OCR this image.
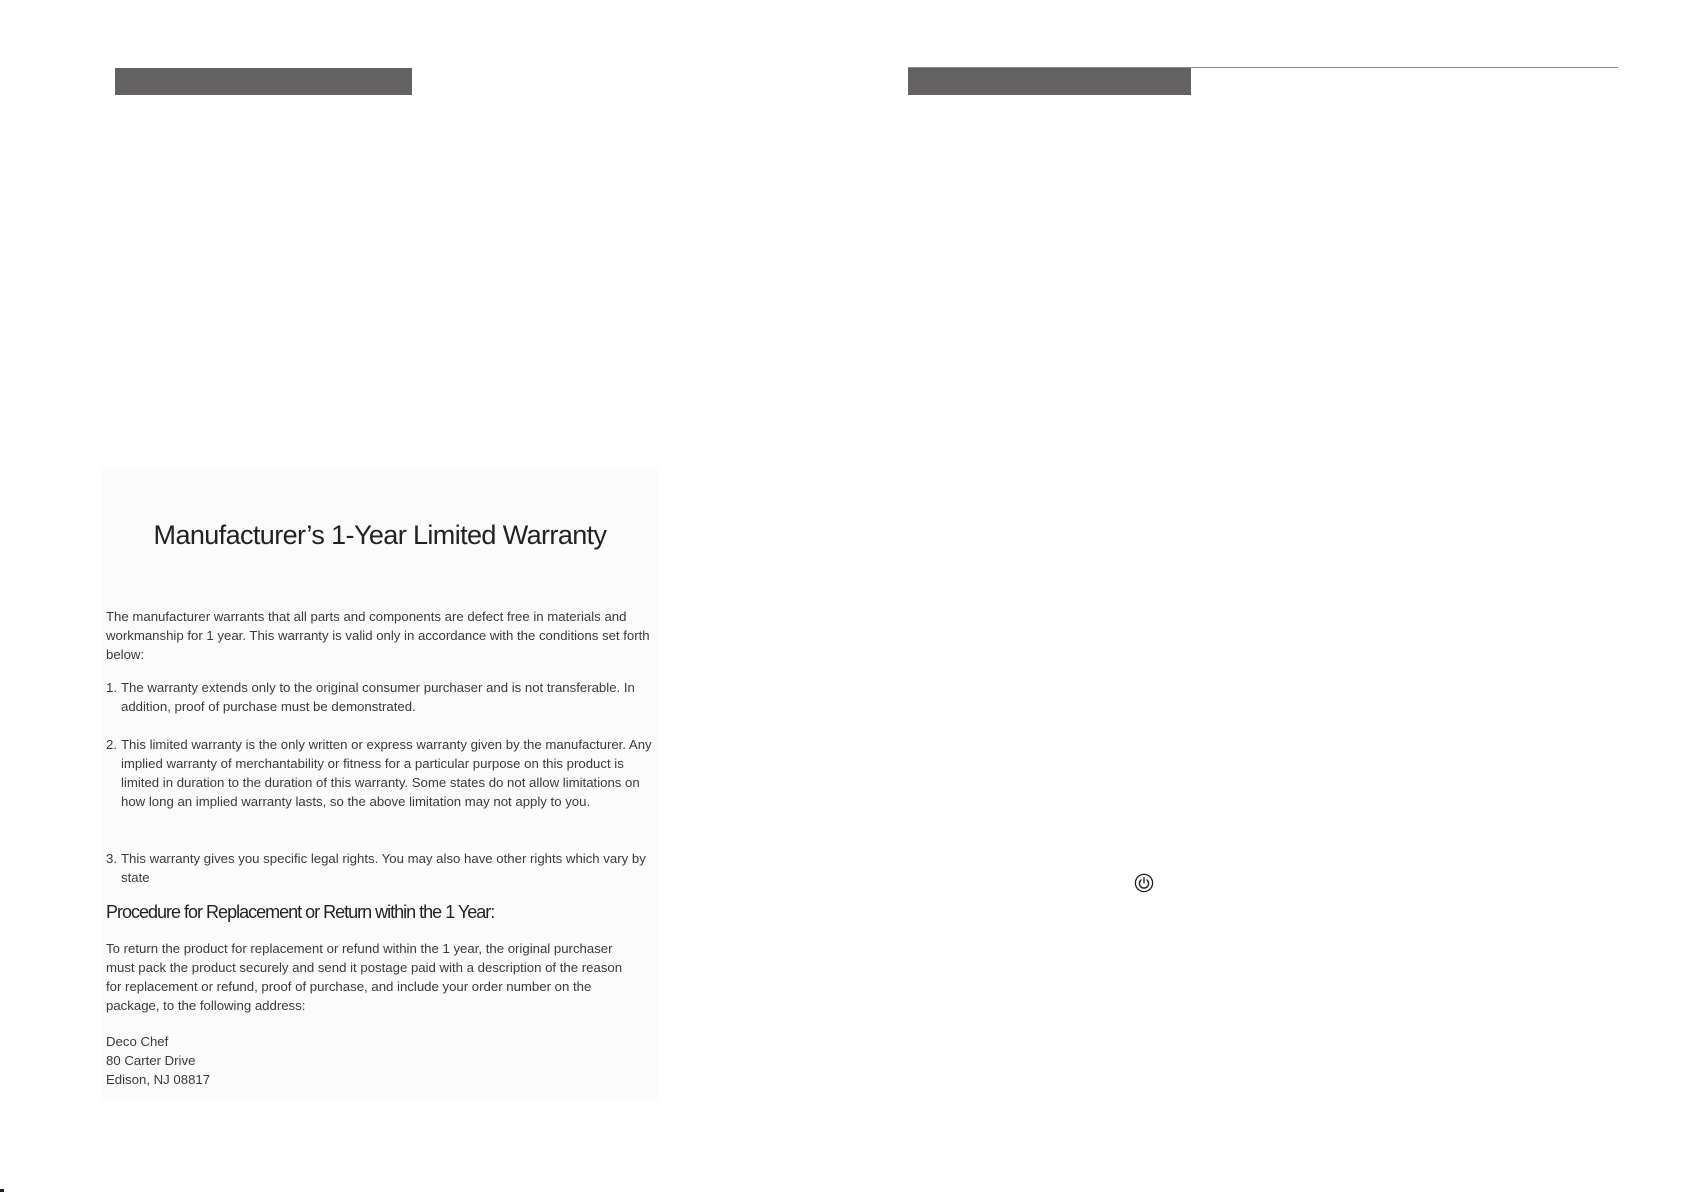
Manufacturer’s 1-Year Limited Warranty

The manufacturer warrants that all parts and components are defect free in materials and workmanship for 1 year. This warranty is valid only in accordance with the conditions set forth below:

1. The warranty extends only to the original consumer purchaser and is not transferable. In addition, proof of purchase must be demonstrated.
2. This limited warranty is the only written or express warranty given by the manufacturer. Any implied warranty of merchantability or fitness for a particular purpose on this product is limited in duration to the duration of this warranty. Some states do not allow limitations on how long an implied warranty lasts, so the above limitation may not apply to you.
3. This warranty gives you specific legal rights. You may also have other rights which vary by state
Procedure for Replacement or Return within the 1 Year:

To return the product for replacement or refund within the 1 year, the original purchaser must pack the product securely and send it postage paid with a description of the reason for replacement or refund, proof of purchase, and include your order number on the package, to the following address:

Deco Chef
80 Carter Drive
Edison, NJ 08817
